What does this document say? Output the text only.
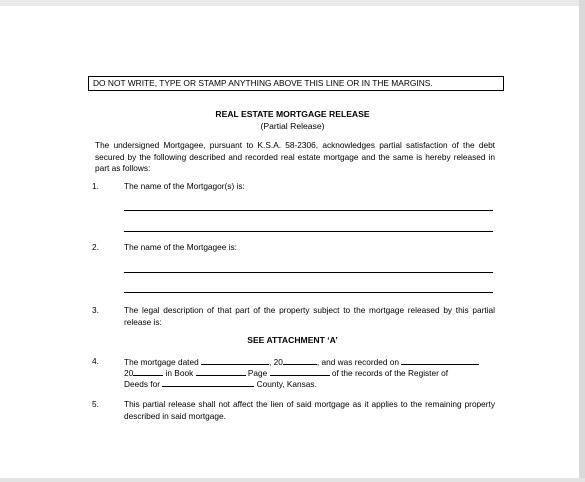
DO NOT WRITE, TYPE OR STAMP ANYTHING ABOVE THIS LINE OR IN THE MARGINS.
REAL ESTATE MORTGAGE RELEASE
(Partial Release)
The undersigned Mortgagee, pursuant to K.S.A. 58-2306, acknowledges partial satisfaction of the debt secured by the following described and recorded real estate mortgage and the same is hereby released in part as follows:
1.	The name of the Mortgagor(s) is:
2.	The name of the Mortgagee is:
3.	The legal description of that part of the property subject to the mortgage released by this partial release is:
SEE ATTACHMENT ‘A’
4.	The mortgage dated	, 20	, and was recorded on
20	in Book	Page	of the records of the Register of
Deeds for	County, Kansas.
5.	This partial release shall not affect the lien of said mortgage as it applies to the remaining property described in said mortgage.
